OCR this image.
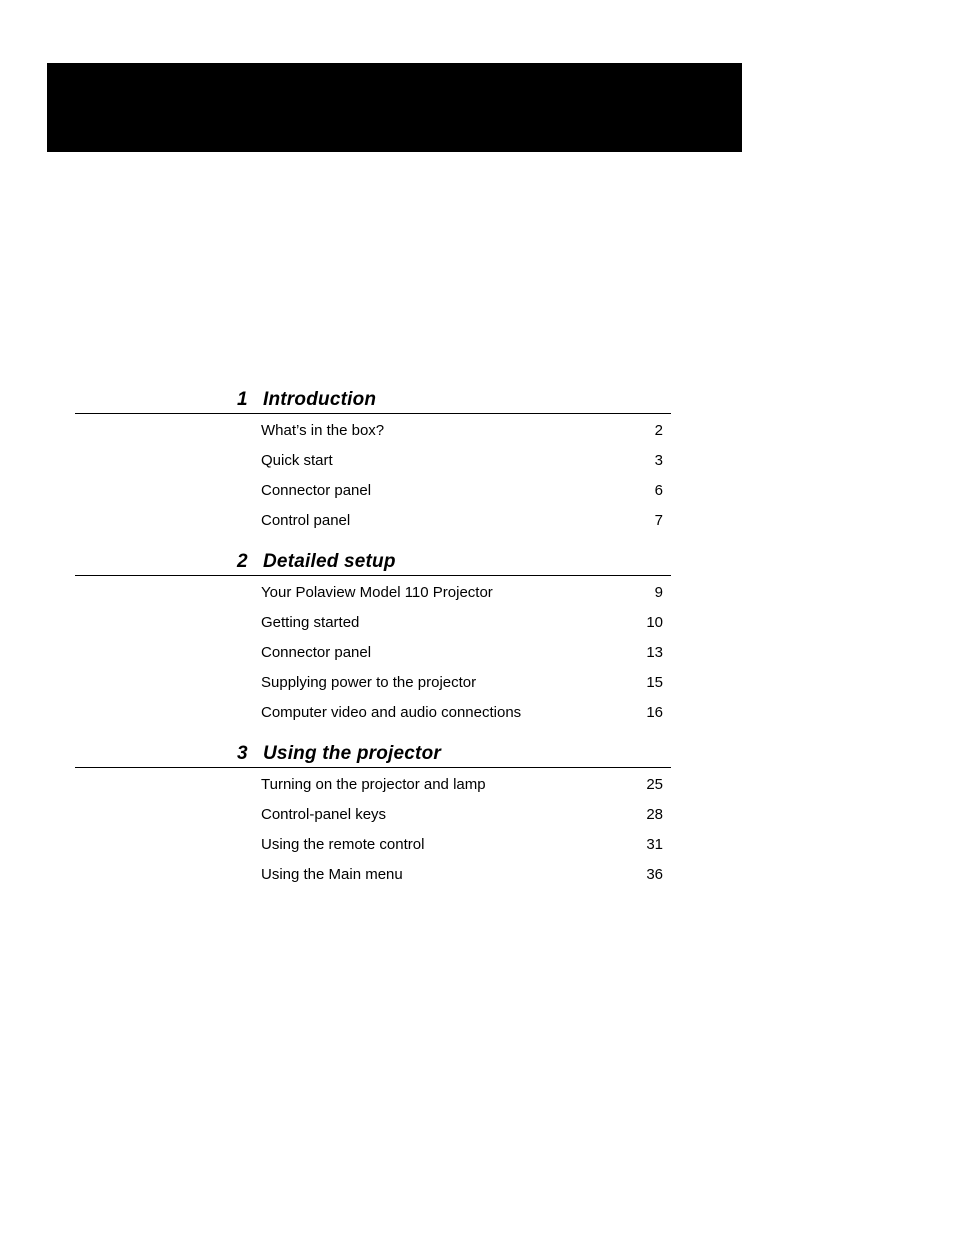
1 Introduction
What’s in the box?	2
Quick start	3
Connector panel	6
Control panel	7
2 Detailed setup
Your Polaview Model 110 Projector	9
Getting started	10
Connector panel	13
Supplying power to the projector	15
Computer video and audio connections	16
3 Using the projector
Turning on the projector and lamp	25
Control-panel keys	28
Using the remote control	31
Using the Main menu	36
